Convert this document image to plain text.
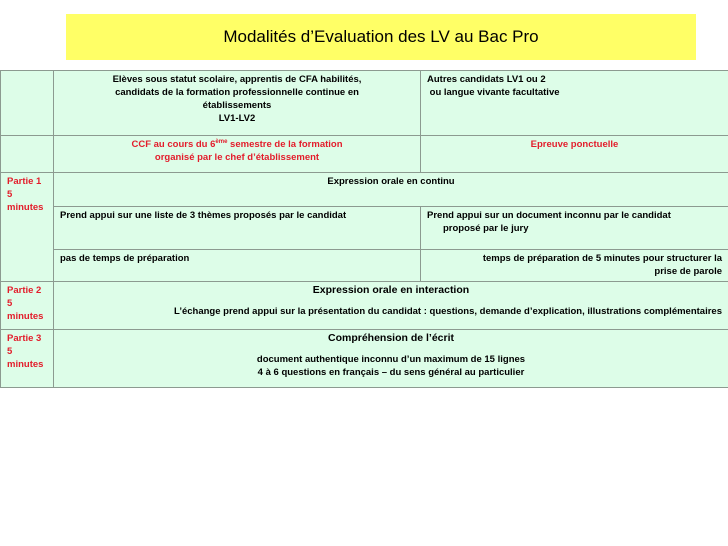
Modalités d’Evaluation des LV au Bac Pro
	Elèves sous statut scolaire, apprentis de CFA habilités,
candidats de la formation professionnelle continue en
établissements
LV1-LV2	Autres candidats LV1 ou 2
ou langue vivante facultative
	CCF au cours du 6ème semestre de la formation
organisé par le chef d’établissement	Epreuve ponctuelle
Partie 1
5 minutes	Expression orale en continu	
	Prend appui sur une liste de 3 thèmes proposés par le candidat	Prend appui sur un document inconnu par le candidat
proposé par le jury
	pas de temps de préparation	temps de préparation de 5 minutes pour structurer la
prise de parole
Partie 2
5 minutes	Expression orale en interaction
L’échange prend appui sur la présentation du candidat : questions, demande d’explication, illustrations complémentaires	

Partie 3
5 minutes	Compréhension de l’écrit
document authentique inconnu d’un maximum de 15 lignes
4 à 6 questions en français – du sens général au particulier	
